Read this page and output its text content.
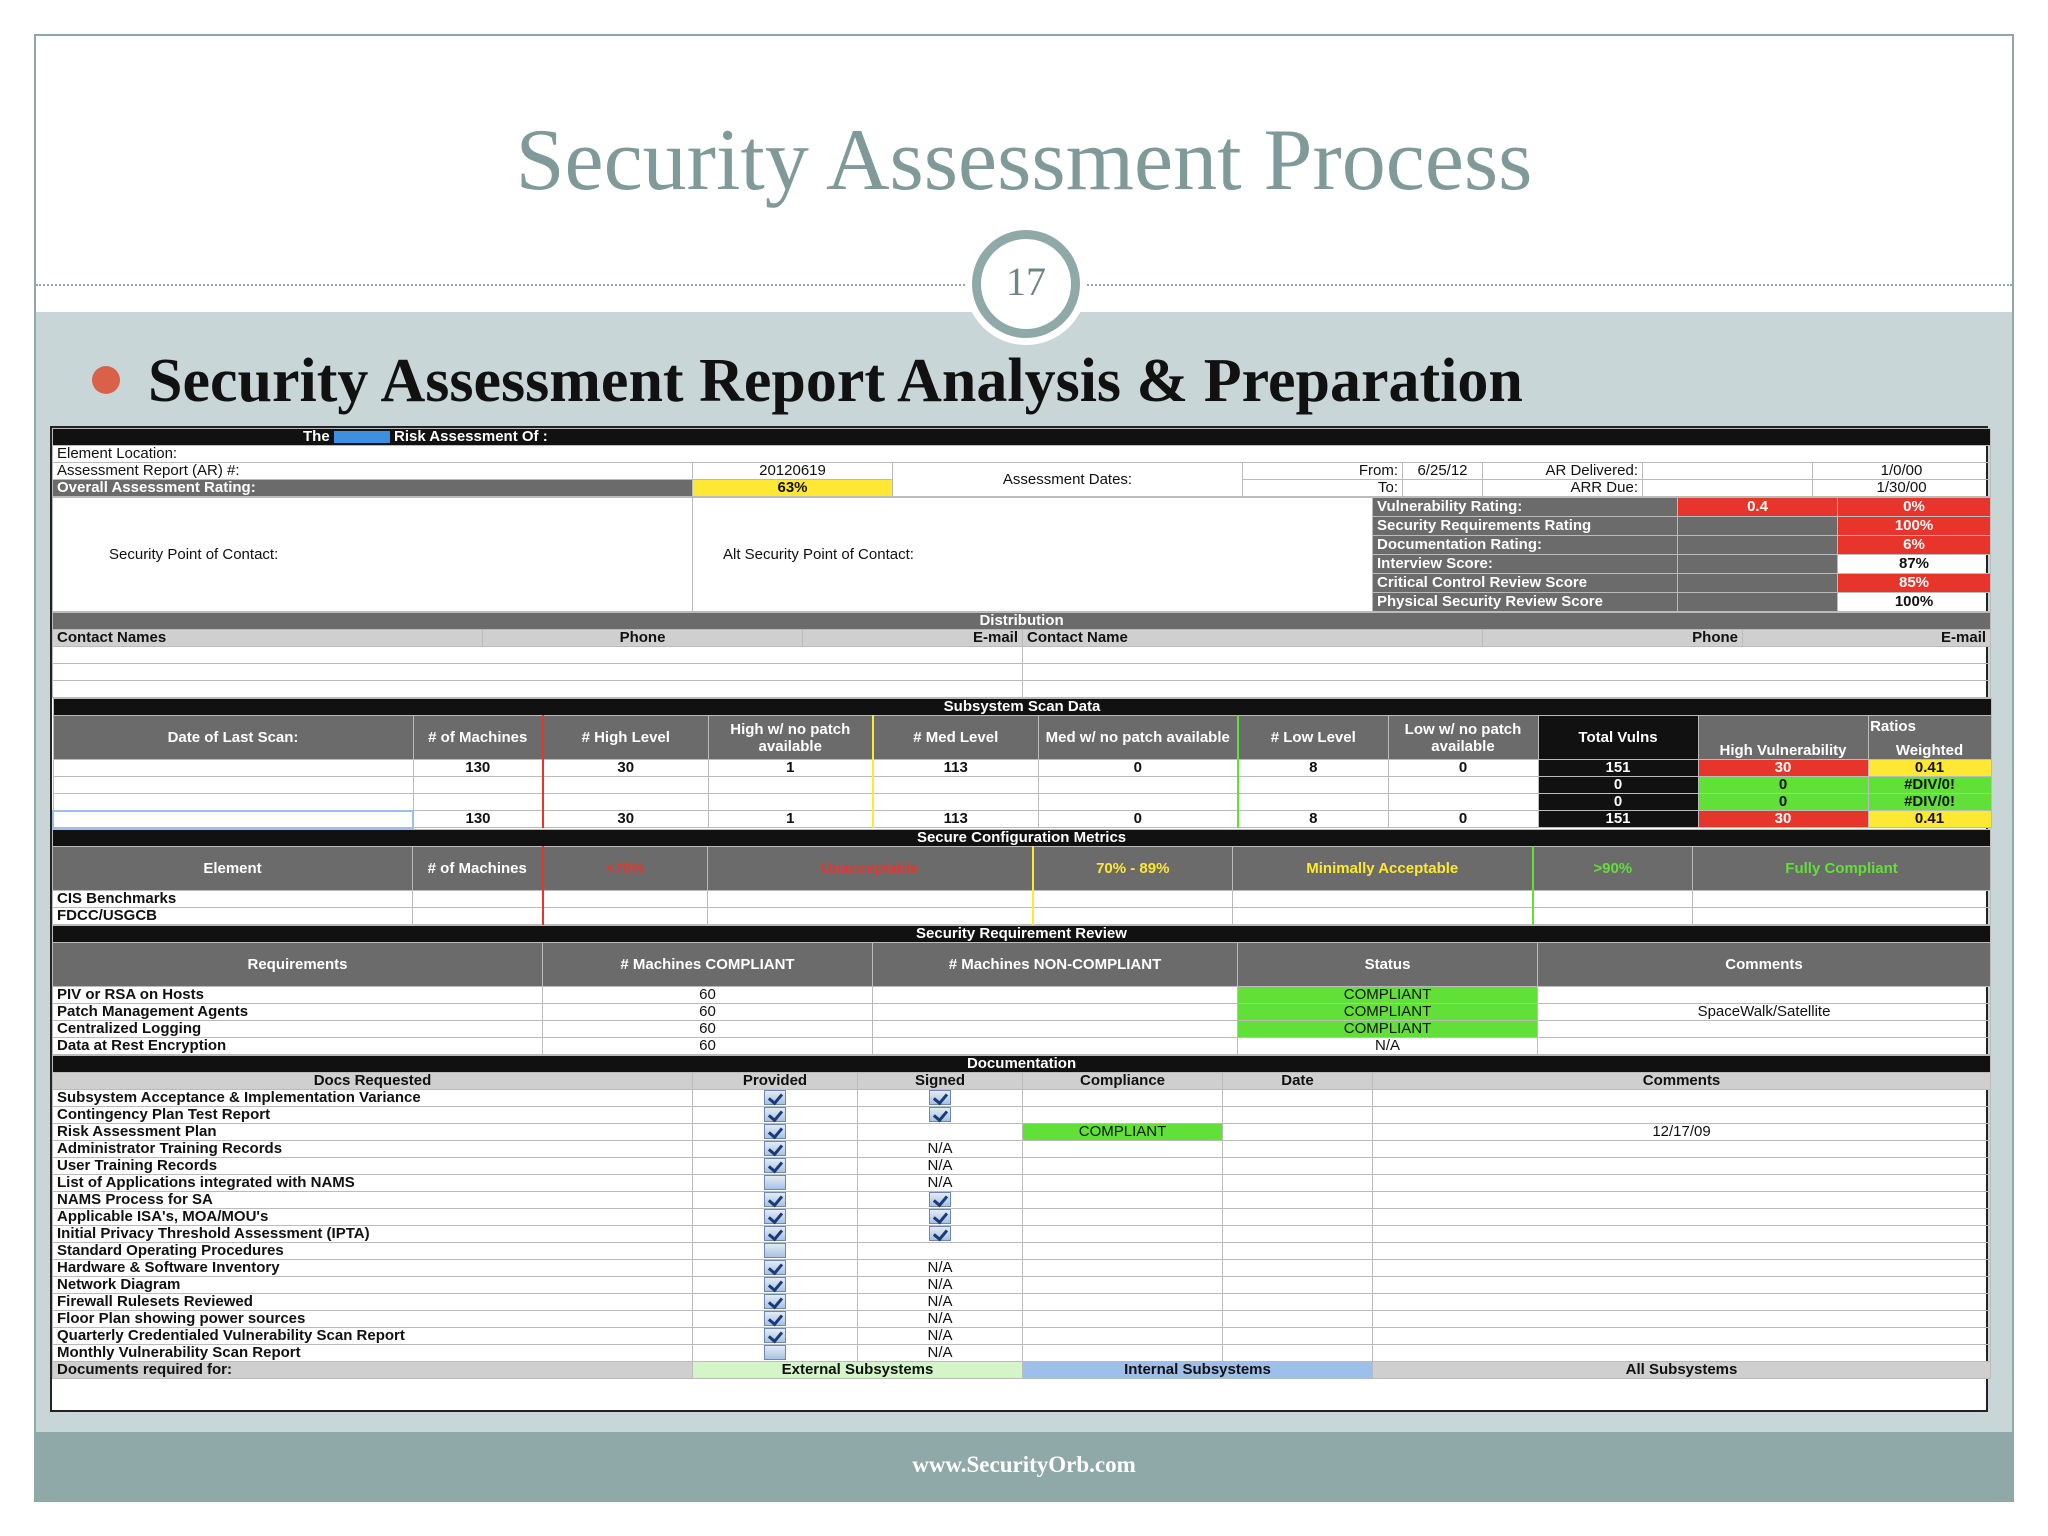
Security Assessment Process
17
Security Assessment Report Analysis & Preparation
The Risk Assessment Of :							
Element Location:							
Assessment Report (AR) #:	20120619	Assessment Dates:	From:	6/25/12	AR Delivered:		1/0/00
Overall Assessment Rating:	63%		To:		ARR Due:		1/30/00
Security Point of Contact:	Alt Security Point of Contact:	Vulnerability Rating:	0.4	0%
		Security Requirements Rating		100%
		Documentation Rating:		6%
		Interview Score:		87%
		Critical Control Review Score		85%
		Physical Security Review Score		100%
Distribution					
Contact Names	Phone	E-mail	Contact Name	Phone	E-mail

Subsystem Scan Data										
Date of Last Scan:	# of Machines	# High Level	High w/ no patch available	# Med Level	Med w/ no patch available	# Low Level	Low w/ no patch available	Total Vulns	High Vulnerability	Weighted
	130	30	1	113	0	8	0	151	30	0.41
								0	0	#DIV/0!
								0	0	#DIV/0!
	130	30	1	113	0	8	0	151	30	0.41
Secure Configuration Metrics							
Element	# of Machines	<70%	Unacceptable	70% - 89%	Minimally Acceptable	>90%	Fully Compliant
CIS Benchmarks							
FDCC/USGCB							
Security Requirement Review				
Requirements	# Machines COMPLIANT	# Machines NON-COMPLIANT	Status	Comments
PIV or RSA on Hosts	60		COMPLIANT	
Patch Management Agents	60		COMPLIANT	SpaceWalk/Satellite
Centralized Logging	60		COMPLIANT	
Data at Rest Encryption	60		N/A	
Documentation					
Docs Requested	Provided	Signed	Compliance	Date	Comments
Subsystem Acceptance & Implementation Variance					
Contingency Plan Test Report					
Risk Assessment Plan			COMPLIANT		12/17/09
Administrator Training Records		N/A			
User Training Records		N/A			
List of Applications integrated with NAMS		N/A			
NAMS Process for SA					
Applicable ISA's, MOA/MOU's					
Initial Privacy Threshold Assessment (IPTA)					
Standard Operating Procedures					
Hardware & Software Inventory		N/A			
Network Diagram		N/A			
Firewall Rulesets Reviewed		N/A			
Floor Plan showing power sources		N/A			
Quarterly Credentialed Vulnerability Scan Report		N/A			
Monthly Vulnerability Scan Report		N/A			
Documents required for:	External Subsystems		Internal Subsystems		All Subsystems
www.SecurityOrb.com
